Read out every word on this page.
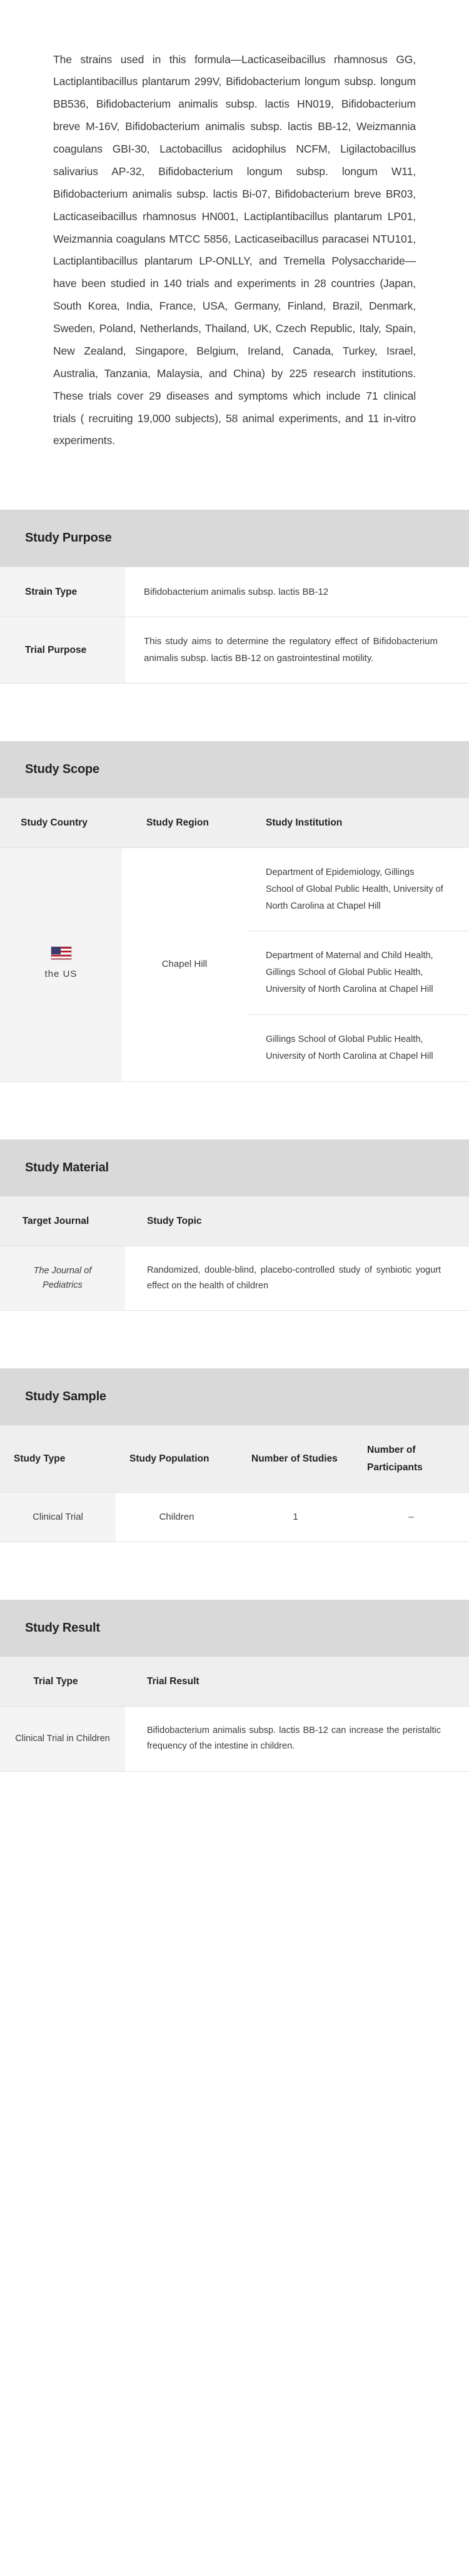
The strains used in this formula—Lacticaseibacillus rhamnosus GG, Lactiplantibacillus plantarum 299V, Bifidobacterium longum subsp. longum BB536, Bifidobacterium animalis subsp. lactis HN019, Bifidobacterium breve M-16V, Bifidobacterium animalis subsp. lactis BB-12, Weizmannia coagulans GBI-30, Lactobacillus acidophilus NCFM, Ligilactobacillus salivarius AP-32, Bifidobacterium longum subsp. longum W11, Bifidobacterium animalis subsp. lactis Bi-07, Bifidobacterium breve BR03, Lacticaseibacillus rhamnosus HN001, Lactiplantibacillus plantarum LP01, Weizmannia coagulans MTCC 5856, Lacticaseibacillus paracasei NTU101, Lactiplantibacillus plantarum LP-ONLLY, and Tremella Polysaccharide—have been studied in 140 trials and experiments in 28 countries (Japan, South Korea, India, France, USA, Germany, Finland, Brazil, Denmark, Sweden, Poland, Netherlands, Thailand, UK, Czech Republic, Italy, Spain, New Zealand, Singapore, Belgium, Ireland, Canada, Turkey, Israel, Australia, Tanzania, Malaysia, and China) by 225 research institutions. These trials cover 29 diseases and symptoms which include 71 clinical trials ( recruiting 19,000 subjects), 58 animal experiments, and 11 in-vitro experiments.

Study Purpose
Strain Type	Bifidobacterium animalis subsp. lactis BB-12
Trial Purpose	This study aims to determine the regulatory effect of Bifidobacterium animalis subsp. lactis BB-12 on gastrointestinal motility.
Study Scope
Study Country	Study Region	Study Institution

the US	Chapel Hill	Department of Epidemiology, Gillings School of Global Public Health, University of North Carolina at Chapel Hill
		Department of Maternal and Child Health, Gillings School of Global Public Health, University of North Carolina at Chapel Hill
		Gillings School of Global Public Health, University of North Carolina at Chapel Hill
Study Material
Target Journal	Study Topic
The Journal of Pediatrics	Randomized, double-blind, placebo-controlled study of synbiotic yogurt effect on the health of children
Study Sample
Study Type	Study Population	Number of Studies	Number of Participants
Clinical Trial	Children	1	–
Study Result
Trial Type	Trial Result
Clinical Trial in Children	Bifidobacterium animalis subsp. lactis BB-12 can increase the peristaltic frequency of the intestine in children.
